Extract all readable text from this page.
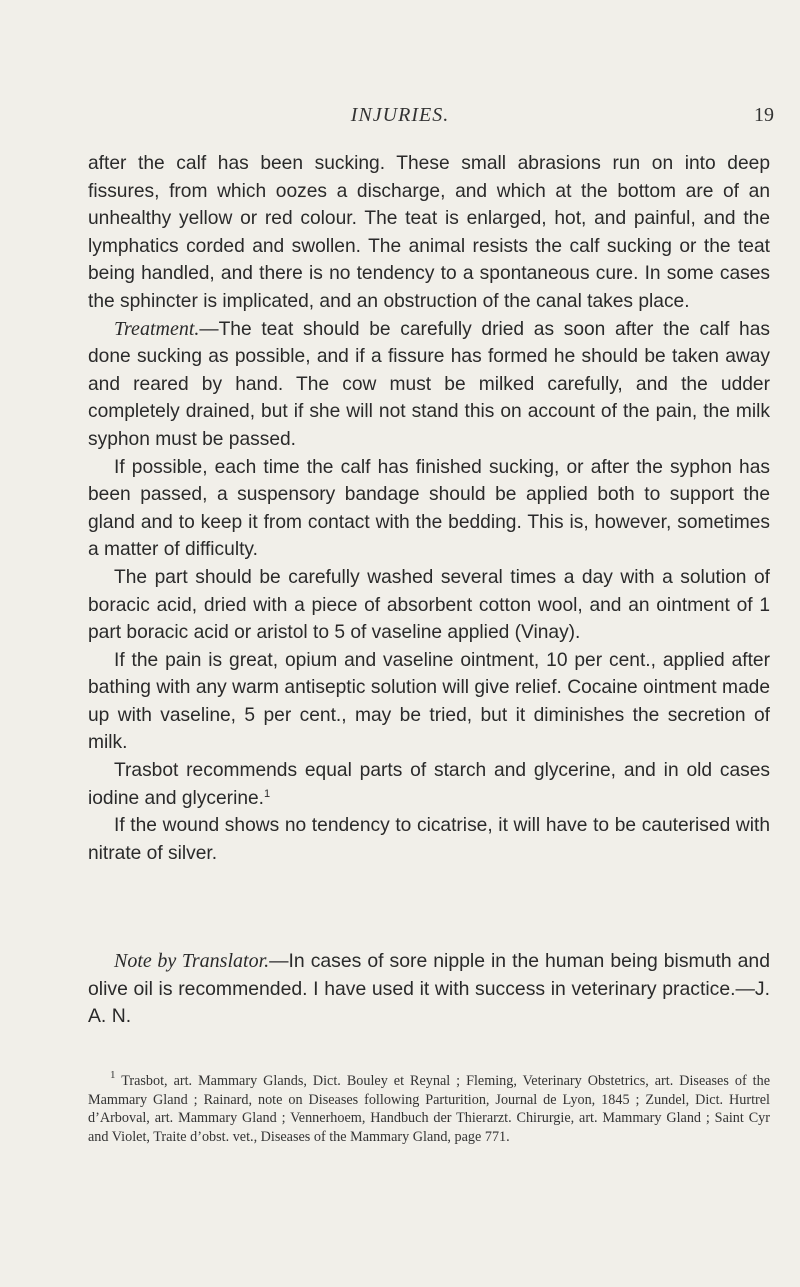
INJURIES.	19

after the calf has been sucking. These small abrasions run on into deep fissures, from which oozes a discharge, and which at the bottom are of an unhealthy yellow or red colour. The teat is enlarged, hot, and painful, and the lymphatics corded and swollen. The animal resists the calf sucking or the teat being handled, and there is no tendency to a spontaneous cure. In some cases the sphincter is implicated, and an obstruction of the canal takes place.

Treatment.—The teat should be carefully dried as soon after the calf has done sucking as possible, and if a fissure has formed he should be taken away and reared by hand. The cow must be milked carefully, and the udder completely drained, but if she will not stand this on account of the pain, the milk syphon must be passed.

If possible, each time the calf has finished sucking, or after the syphon has been passed, a suspensory bandage should be applied both to support the gland and to keep it from contact with the bedding. This is, however, sometimes a matter of difficulty.

The part should be carefully washed several times a day with a solution of boracic acid, dried with a piece of absorbent cotton wool, and an ointment of 1 part boracic acid or aristol to 5 of vaseline applied (Vinay).

If the pain is great, opium and vaseline ointment, 10 per cent., applied after bathing with any warm antiseptic solution will give relief. Cocaine ointment made up with vaseline, 5 per cent., may be tried, but it diminishes the secretion of milk.

Trasbot recommends equal parts of starch and glycerine, and in old cases iodine and glycerine.$^1$

If the wound shows no tendency to cicatrise, it will have to be cauterised with nitrate of silver.

Note by Translator.—In cases of sore nipple in the human being bismuth and olive oil is recommended. I have used it with success in veterinary practice.—J. A. N.

$^1$ Trasbot, art. Mammary Glands, Dict. Bouley et Reynal ; Fleming, Veterinary Obstetrics, art. Diseases of the Mammary Gland ; Rainard, note on Diseases following Parturition, Journal de Lyon, 1845 ; Zundel, Dict. Hurtrel d’Arboval, art. Mammary Gland ; Vennerhoem, Handbuch der Thierarzt. Chirurgie, art. Mammary Gland ; Saint Cyr and Violet, Traite d’obst. vet., Diseases of the Mammary Gland, page 771.
